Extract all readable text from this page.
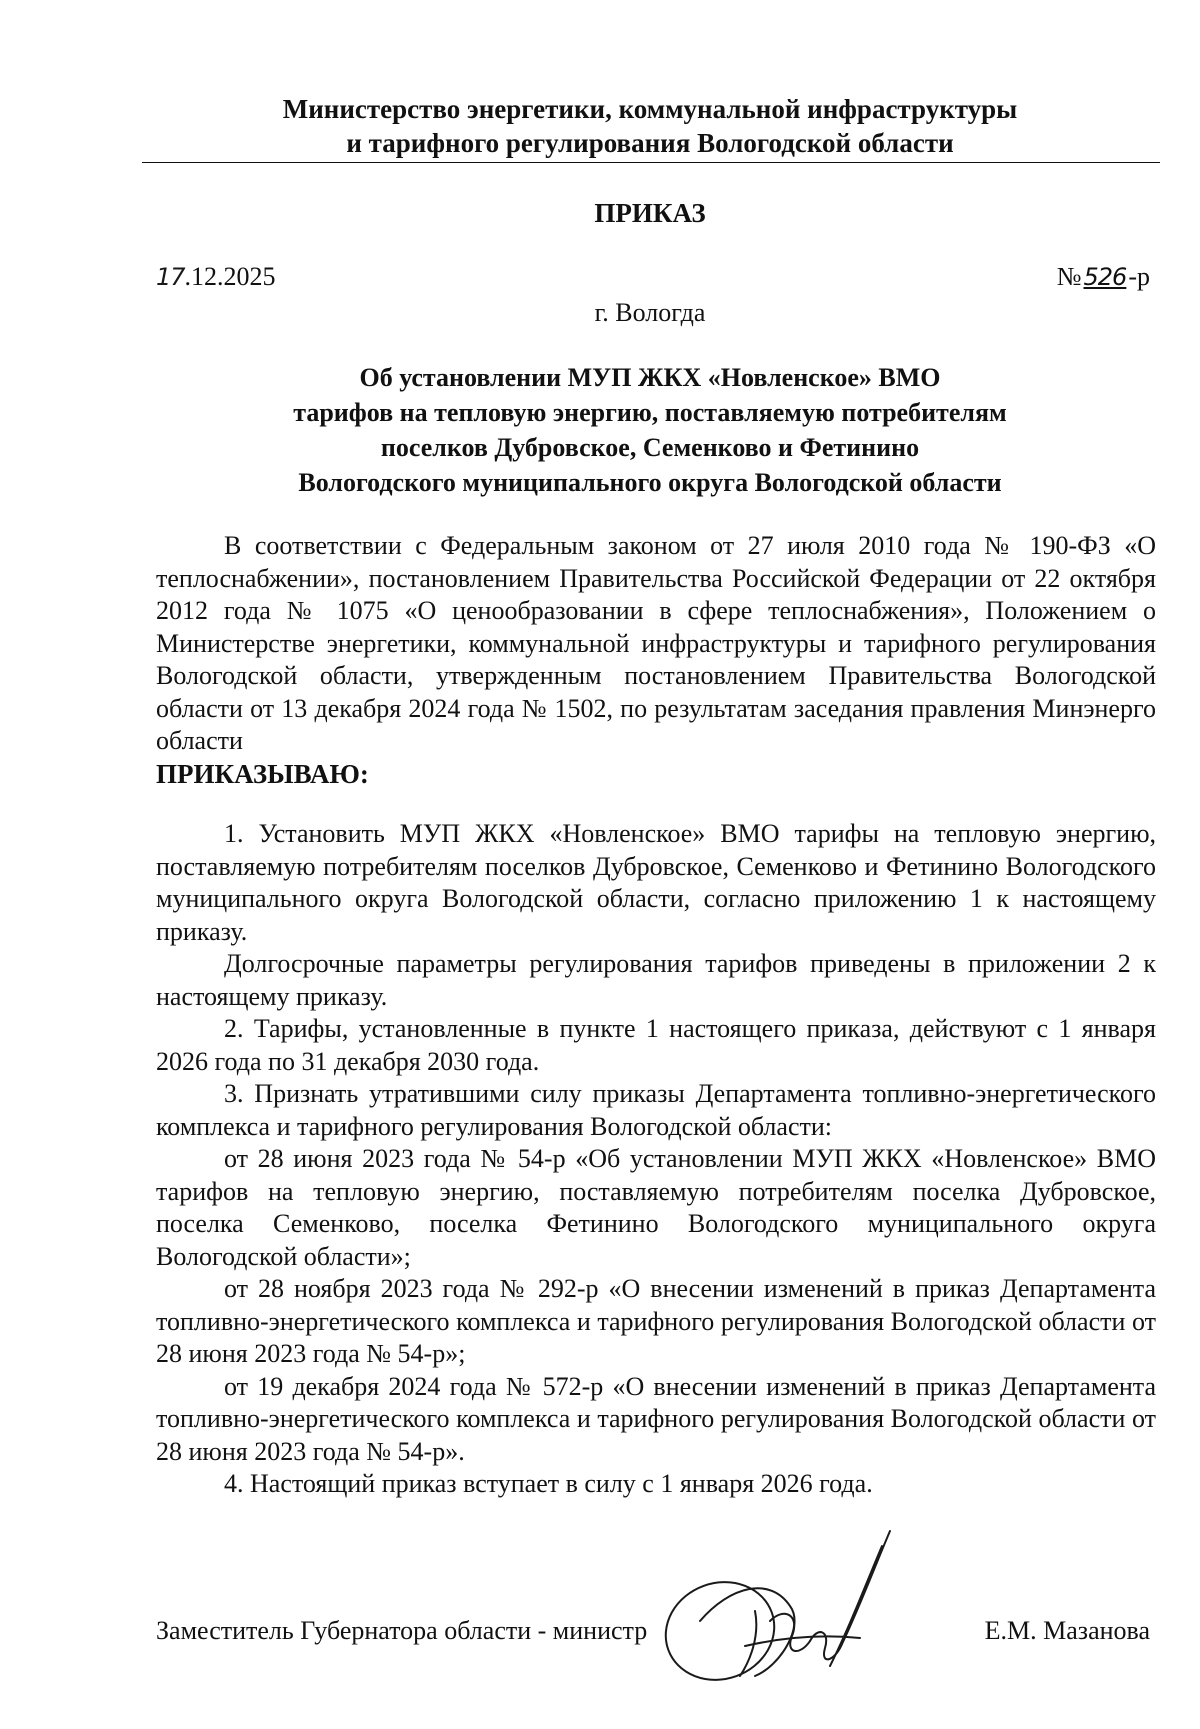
Министерство энергетики, коммунальной инфраструктуры
и тарифного регулирования Вологодской области
ПРИКАЗ
17.12.2025	№526-р
г. Вологда
Об установлении МУП ЖКХ «Новленское» ВМО
тарифов на тепловую энергию, поставляемую потребителям
поселков Дубровское, Семенково и Фетинино
Вологодского муниципального округа Вологодской области

В соответствии с Федеральным законом от 27 июля 2010 года № 190-ФЗ «О теплоснабжении», постановлением Правительства Российской Федерации от 22 октября 2012 года № 1075 «О ценообразовании в сфере теплоснабжения», Положением о Министерстве энергетики, коммунальной инфраструктуры и тарифного регулирования Вологодской области, утвержденным постановлением Правительства Вологодской области от 13 декабря 2024 года № 1502, по результатам заседания правления Минэнерго области

ПРИКАЗЫВАЮ:

1. Установить МУП ЖКХ «Новленское» ВМО тарифы на тепловую энергию, поставляемую потребителям поселков Дубровское, Семенково и Фетинино Вологодского муниципального округа Вологодской области, согласно приложению 1 к настоящему приказу.

Долгосрочные параметры регулирования тарифов приведены в приложении 2 к настоящему приказу.

2. Тарифы, установленные в пункте 1 настоящего приказа, действуют с 1 января 2026 года по 31 декабря 2030 года.

3. Признать утратившими силу приказы Департамента топливно-энергетического комплекса и тарифного регулирования Вологодской области:

от 28 июня 2023 года № 54-р «Об установлении МУП ЖКХ «Новленское» ВМО тарифов на тепловую энергию, поставляемую потребителям поселка Дубровское, поселка Семенково, поселка Фетинино Вологодского муниципального округа Вологодской области»;

от 28 ноября 2023 года № 292-р «О внесении изменений в приказ Департамента топливно-энергетического комплекса и тарифного регулирования Вологодской области от 28 июня 2023 года № 54-р»;

от 19 декабря 2024 года № 572-р «О внесении изменений в приказ Департамента топливно-энергетического комплекса и тарифного регулирования Вологодской области от 28 июня 2023 года № 54-р».

4. Настоящий приказ вступает в силу с 1 января 2026 года.

Заместитель Губернатора области - министр	Е.М. Мазанова
